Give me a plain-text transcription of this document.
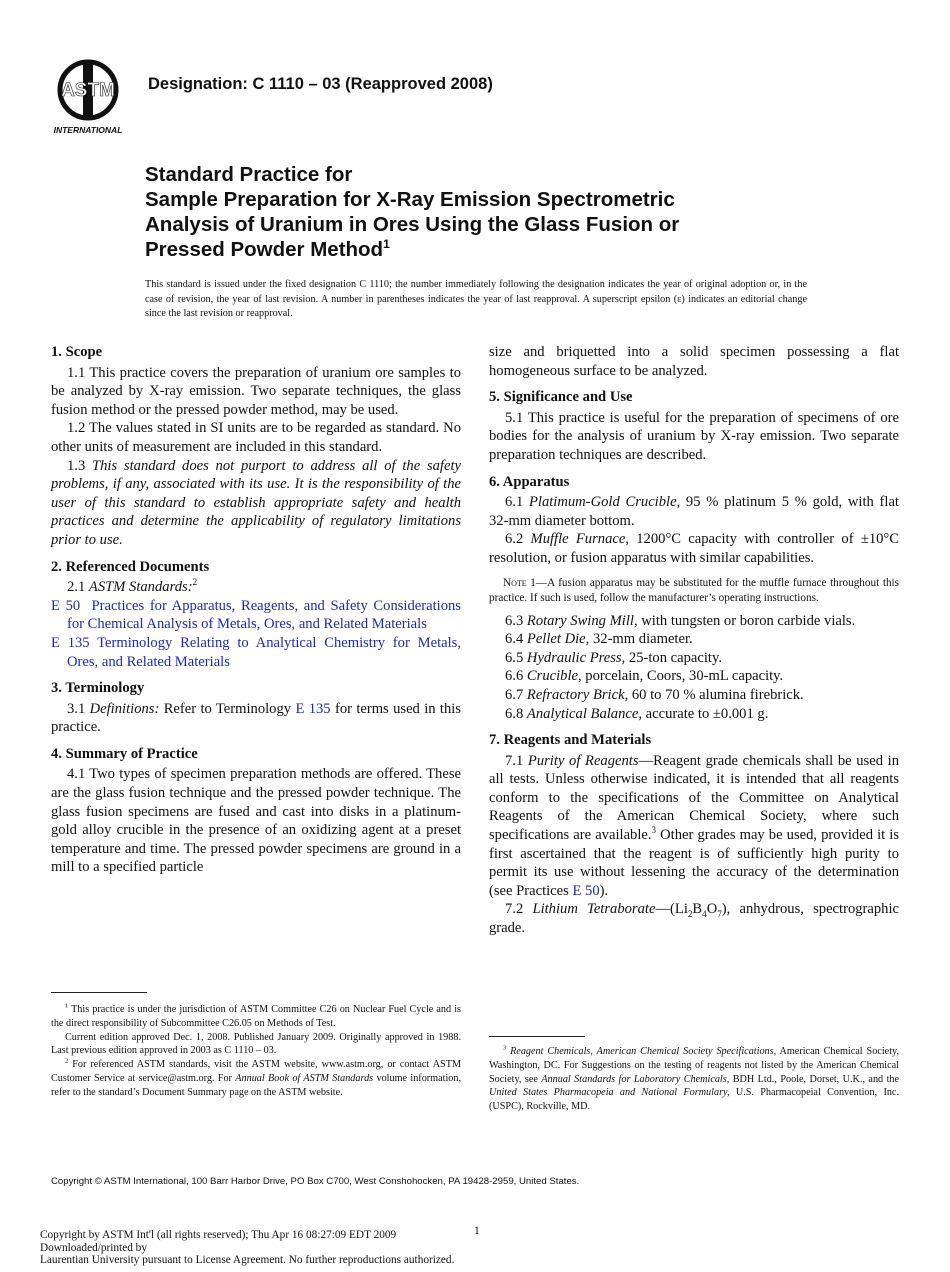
ASTM
INTERNATIONAL
Designation: C 1110 – 03 (Reapproved 2008)
Standard Practice for
Sample Preparation for X-Ray Emission Spectrometric
Analysis of Uranium in Ores Using the Glass Fusion or
Pressed Powder Method$^1$
This standard is issued under the fixed designation C 1110; the number immediately following the designation indicates the year of original adoption or, in the case of revision, the year of last revision. A number in parentheses indicates the year of last reapproval. A superscript epsilon (ε) indicates an editorial change since the last revision or reapproval.

1. Scope

1.1 This practice covers the preparation of uranium ore samples to be analyzed by X-ray emission. Two separate techniques, the glass fusion method or the pressed powder method, may be used.

1.2 The values stated in SI units are to be regarded as standard. No other units of measurement are included in this standard.

1.3 This standard does not purport to address all of the safety problems, if any, associated with its use. It is the responsibility of the user of this standard to establish appropriate safety and health practices and determine the applicability of regulatory limitations prior to use.

2. Referenced Documents

2.1 ASTM Standards:$^2$

E 50 Practices for Apparatus, Reagents, and Safety Considerations for Chemical Analysis of Metals, Ores, and Related Materials

E 135 Terminology Relating to Analytical Chemistry for Metals, Ores, and Related Materials

3. Terminology

3.1 Definitions: Refer to Terminology E 135 for terms used in this practice.

4. Summary of Practice

4.1 Two types of specimen preparation methods are offered. These are the glass fusion technique and the pressed powder technique. The glass fusion specimens are fused and cast into disks in a platinum-gold alloy crucible in the presence of an oxidizing agent at a preset temperature and time. The pressed powder specimens are ground in a mill to a specified particle

size and briquetted into a solid specimen possessing a flat homogeneous surface to be analyzed.

5. Significance and Use

5.1 This practice is useful for the preparation of specimens of ore bodies for the analysis of uranium by X-ray emission. Two separate preparation techniques are described.

6. Apparatus

6.1 Platimum-Gold Crucible, 95 % platinum 5 % gold, with flat 32-mm diameter bottom.

6.2 Muffle Furnace, 1200°C capacity with controller of ±10°C resolution, or fusion apparatus with similar capabilities.

Note 1—A fusion apparatus may be substituted for the muffle furnace throughout this practice. If such is used, follow the manufacturer’s operating instructions.

6.3 Rotary Swing Mill, with tungsten or boron carbide vials.

6.4 Pellet Die, 32-mm diameter.

6.5 Hydraulic Press, 25-ton capacity.

6.6 Crucible, porcelain, Coors, 30-mL capacity.

6.7 Refractory Brick, 60 to 70 % alumina firebrick.

6.8 Analytical Balance, accurate to ±0.001 g.

7. Reagents and Materials

7.1 Purity of Reagents—Reagent grade chemicals shall be used in all tests. Unless otherwise indicated, it is intended that all reagents conform to the specifications of the Committee on Analytical Reagents of the American Chemical Society, where such specifications are available.$^3$ Other grades may be used, provided it is first ascertained that the reagent is of sufficiently high purity to permit its use without lessening the accuracy of the determination (see Practices E 50).

7.2 Lithium $Tetraborate—(Li_2B_4O_7)$, anhydrous, spectrographic grade.

$^1$ This practice is under the jurisdiction of ASTM Committee C26 on Nuclear Fuel Cycle and is the direct responsibility of Subcommittee C26.05 on Methods of Test.

Current edition approved Dec. 1, 2008. Published January 2009. Originally approved in 1988. Last previous edition approved in 2003 as C 1110 – 03.

$^2$ For referenced ASTM standards, visit the ASTM website, www.astm.org, or contact ASTM Customer Service at service@astm.org. For Annual Book of ASTM Standards volume information, refer to the standard’s Document Summary page on the ASTM website.

$^3$ Reagent Chemicals, American Chemical Society Specifications, American Chemical Society, Washington, DC. For Suggestions on the testing of reagents not listed by the American Chemical Society, see Annual Standards for Laboratory Chemicals, BDH Ltd., Poole, Dorset, U.K., and the United States Pharmacopeia and National Formulary, U.S. Pharmacopeial Convention, Inc. (USPC), Rockville, MD.

Copyright © ASTM International, 100 Barr Harbor Drive, PO Box C700, West Conshohocken, PA 19428-2959, United States.
1
Copyright by ASTM Int'l (all rights reserved); Thu Apr 16 08:27:09 EDT 2009
Downloaded/printed by
Laurentian University pursuant to License Agreement. No further reproductions authorized.
